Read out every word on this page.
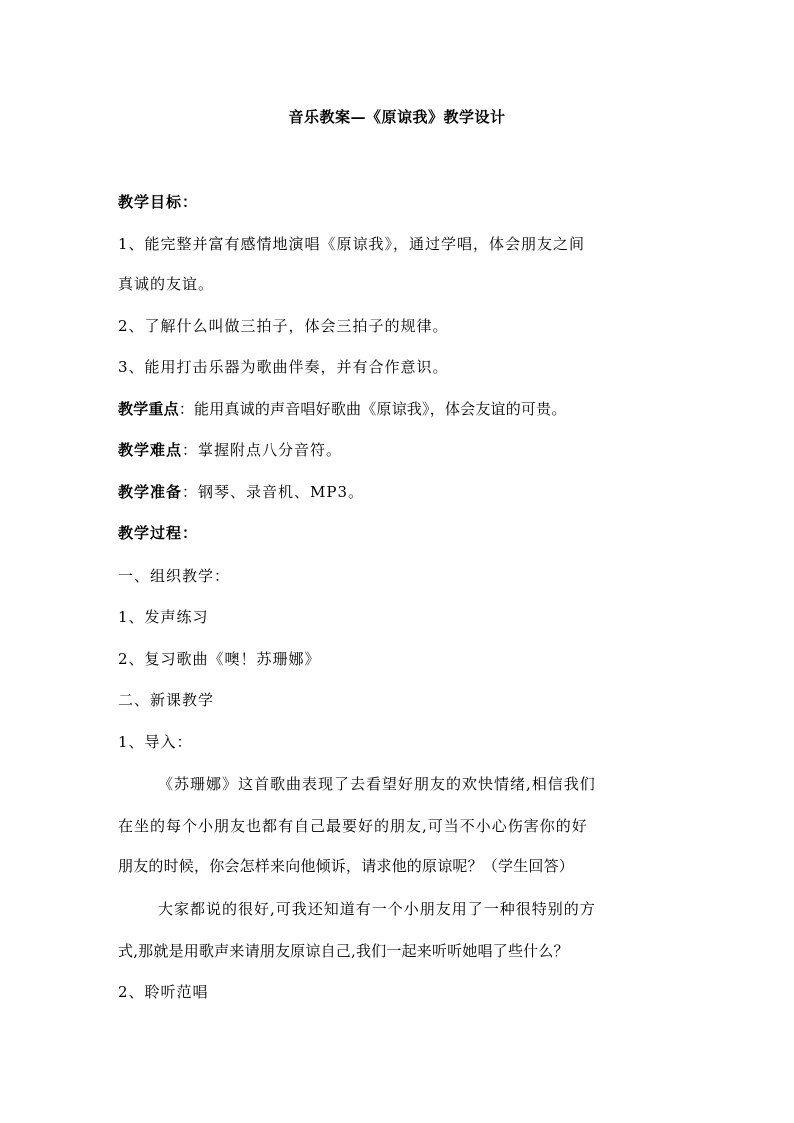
音乐教案—《原谅我》教学设计
教学目标：
1、能完整并富有感情地演唱《原谅我》，通过学唱，体会朋友之间
真诚的友谊。
2、了解什么叫做三拍子，体会三拍子的规律。
3、能用打击乐器为歌曲伴奏，并有合作意识。
教学重点：能用真诚的声音唱好歌曲《原谅我》，体会友谊的可贵。
教学难点：掌握附点八分音符。
教学准备：钢琴、录音机、MP3。
教学过程：
一、组织教学：
1、发声练习
2、复习歌曲《噢！苏珊娜》
二、新课教学
1、导入：
《苏珊娜》这首歌曲表现了去看望好朋友的欢快情绪,相信我们
在坐的每个小朋友也都有自己最要好的朋友,可当不小心伤害你的好
朋友的时候，你会怎样来向他倾诉，请求他的原谅呢？（学生回答）
大家都说的很好,可我还知道有一个小朋友用了一种很特别的方
式,那就是用歌声来请朋友原谅自己,我们一起来听听她唱了些什么？
2、聆听范唱
